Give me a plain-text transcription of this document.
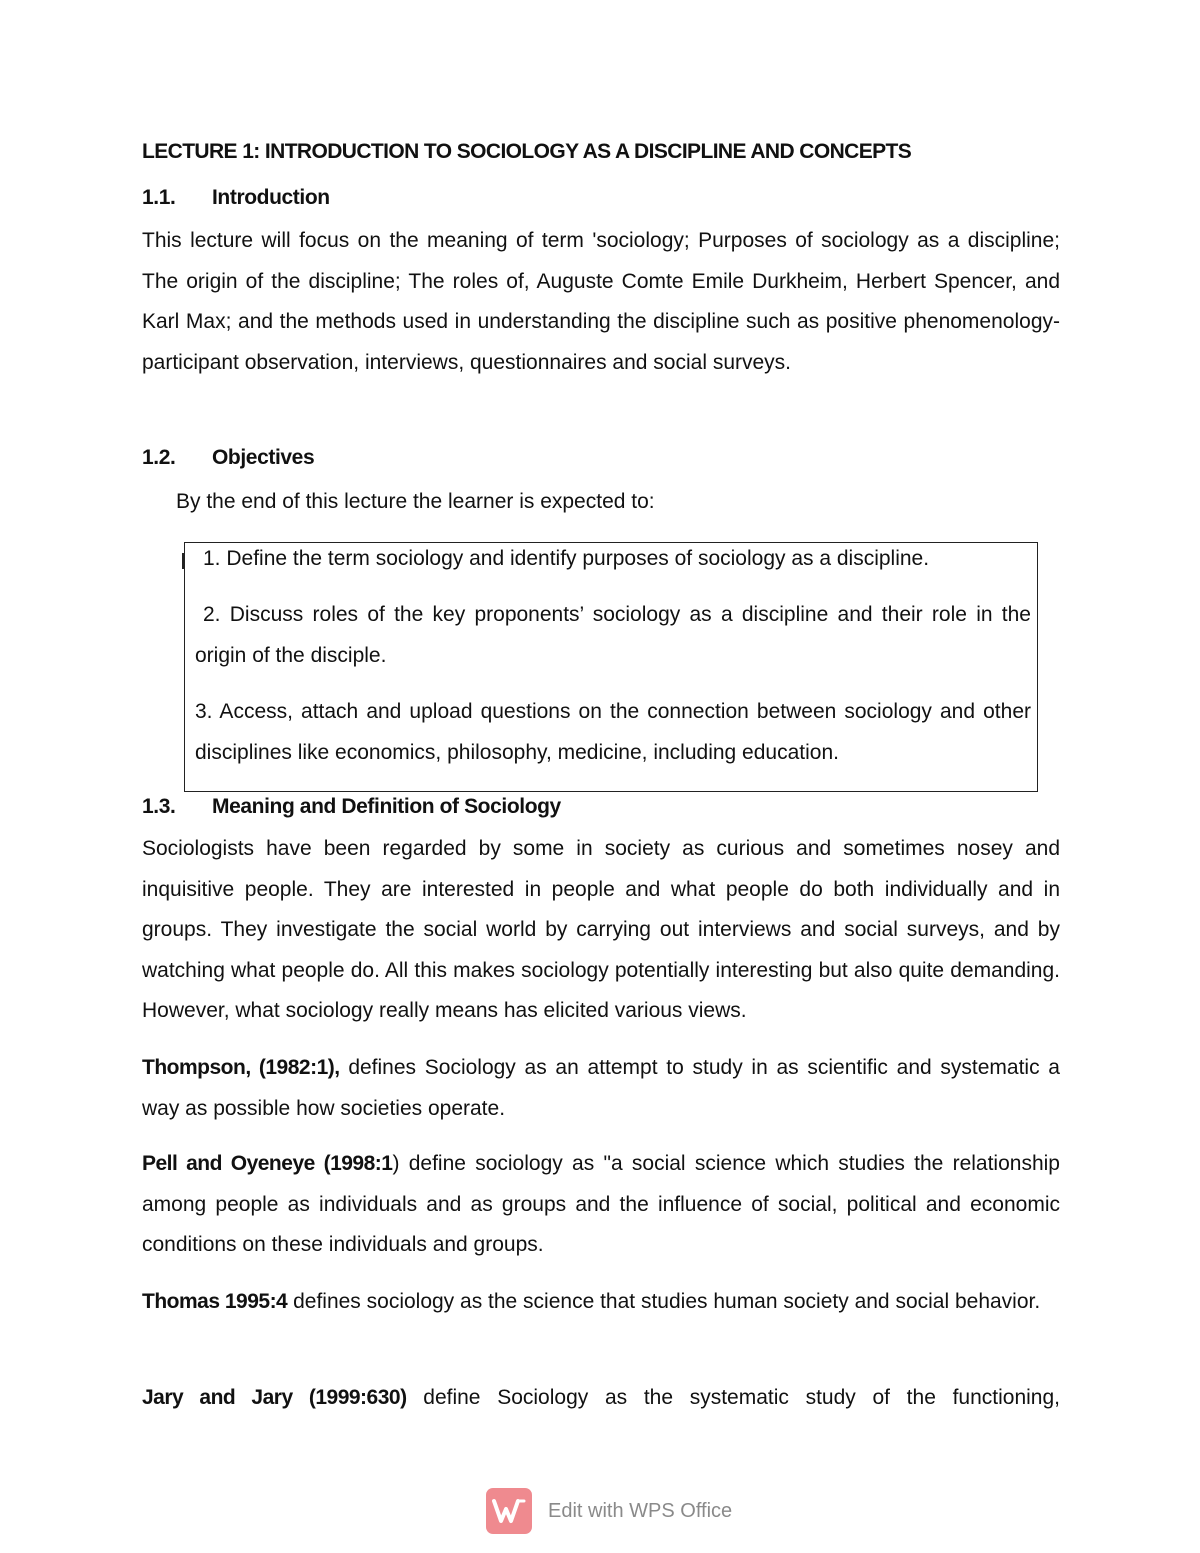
LECTURE 1: INTRODUCTION TO SOCIOLOGY AS A DISCIPLINE AND CONCEPTS
1.1. Introduction

This lecture will focus on the meaning of term 'sociology; Purposes of sociology as a discipline; The origin of the discipline; The roles of, Auguste Comte Emile Durkheim, Herbert Spencer, and Karl Max; and the methods used in understanding the discipline such as positive phenomenology-participant observation, interviews, questionnaires and social surveys.

1.2. Objectives
By the end of this lecture the learner is expected to:

1. Define the term sociology and identify purposes of sociology as a discipline.

2. Discuss roles of the key proponents’ sociology as a discipline and their role in the origin of the disciple.

3. Access, attach and upload questions on the connection between sociology and other disciplines like economics, philosophy, medicine, including education.

1.3. Meaning and Definition of Sociology

Sociologists have been regarded by some in society as curious and sometimes nosey and inquisitive people. They are interested in people and what people do both individually and in groups. They investigate the social world by carrying out interviews and social surveys, and by watching what people do. All this makes sociology potentially interesting but also quite demanding. However, what sociology really means has elicited various views.

Thompson, (1982:1), defines Sociology as an attempt to study in as scientific and systematic a way as possible how societies operate.

Pell and Oyeneye (1998:1) define sociology as "a social science which studies the relationship among people as individuals and as groups and the influence of social, political and economic conditions on these individuals and groups.

Thomas 1995:4 defines sociology as the science that studies human society and social behavior.

Jary and Jary (1999:630) define Sociology as the systematic study of the functioning,

Edit with WPS Office
